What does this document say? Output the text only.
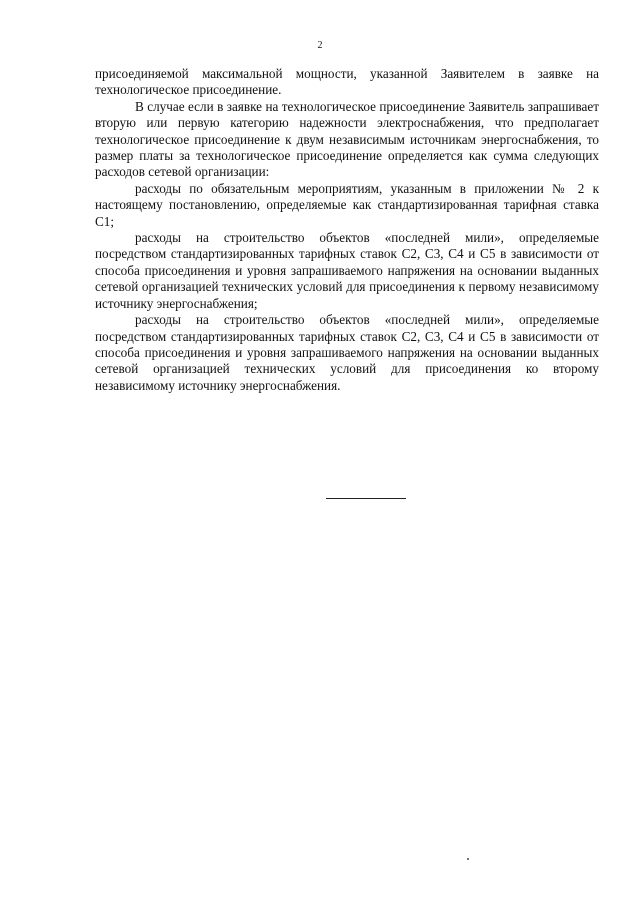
2

присоединяемой максимальной мощности, указанной Заявителем в заявке на технологическое присоединение.

В случае если в заявке на технологическое присоединение Заявитель запрашивает вторую или первую категорию надежности электроснабжения, что предполагает технологическое присоединение к двум независимым источникам энергоснабжения, то размер платы за технологическое присоединение определяется как сумма следующих расходов сетевой организации:

расходы по обязательным мероприятиям, указанным в приложении № 2 к настоящему постановлению, определяемые как стандартизированная тарифная ставка С1;

расходы на строительство объектов «последней мили», определяемые посредством стандартизированных тарифных ставок С2, С3, С4 и С5 в зависимости от способа присоединения и уровня запрашиваемого напряжения на основании выданных сетевой организацией технических условий для присоединения к первому независимому источнику энергоснабжения;

расходы на строительство объектов «последней мили», определяемые посредством стандартизированных тарифных ставок С2, С3, С4 и С5 в зависимости от способа присоединения и уровня запрашиваемого напряжения на основании выданных сетевой организацией технических условий для присоединения ко второму независимому источнику энергоснабжения.
